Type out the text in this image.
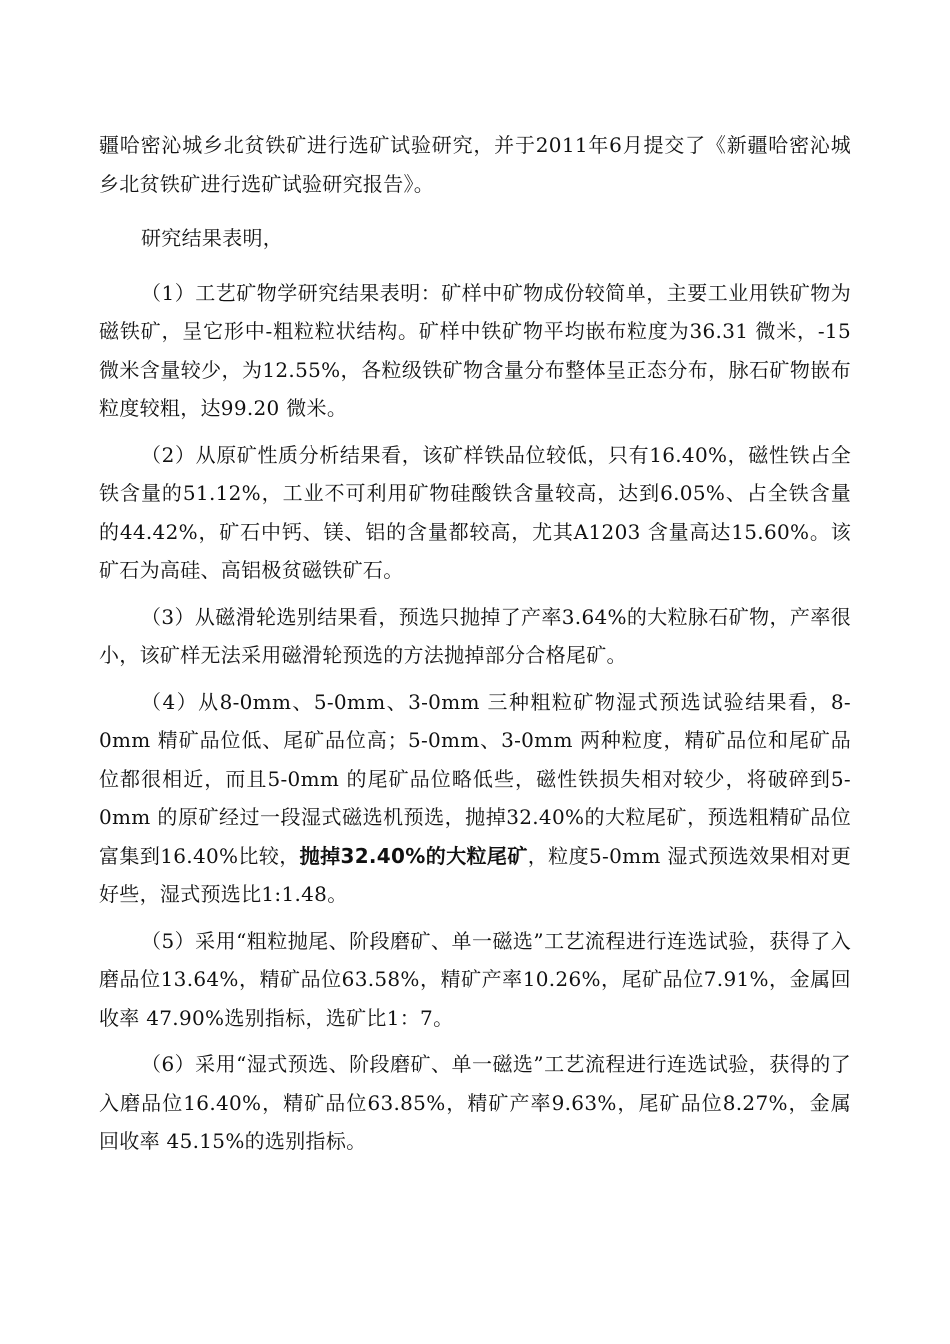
疆哈密沁城乡北贫铁矿进行选矿试验研究，并于2011年6月提交了《新疆哈密沁城乡北贫铁矿进行选矿试验研究报告》。

研究结果表明，

（1）工艺矿物学研究结果表明：矿样中矿物成份较简单，主要工业用铁矿物为磁铁矿，呈它形中-粗粒粒状结构。矿样中铁矿物平均嵌布粒度为36.31 微米，-15 微米含量较少，为12.55%，各粒级铁矿物含量分布整体呈正态分布，脉石矿物嵌布粒度较粗，达99.20 微米。

（2）从原矿性质分析结果看，该矿样铁品位较低，只有16.40%，磁性铁占全铁含量的51.12%，工业不可利用矿物硅酸铁含量较高，达到6.05%、占全铁含量的44.42%，矿石中钙、镁、铝的含量都较高，尤其A1203 含量高达15.60%。该矿石为高硅、高铝极贫磁铁矿石。

（3）从磁滑轮选别结果看，预选只抛掉了产率3.64%的大粒脉石矿物，产率很小，该矿样无法采用磁滑轮预选的方法抛掉部分合格尾矿。

（4）从8-0mm、5-0mm、3-0mm 三种粗粒矿物湿式预选试验结果看，8-0mm 精矿品位低、尾矿品位高；5-0mm、3-0mm 两种粒度，精矿品位和尾矿品位都很相近，而且5-0mm 的尾矿品位略低些，磁性铁损失相对较少，将破碎到5-0mm 的原矿经过一段湿式磁选机预选，抛掉32.40%的大粒尾矿，预选粗精矿品位富集到16.40%比较，抛掉32.40%的大粒尾矿，粒度5-0mm 湿式预选效果相对更好些，湿式预选比1:1.48。

（5）采用“粗粒抛尾、阶段磨矿、单一磁选”工艺流程进行连选试验，获得了入磨品位13.64%，精矿品位63.58%，精矿产率10.26%，尾矿品位7.91%，金属回收率 47.90%选别指标，选矿比1：7。

（6）采用“湿式预选、阶段磨矿、单一磁选”工艺流程进行连选试验，获得的了入磨品位16.40%，精矿品位63.85%，精矿产率9.63%，尾矿品位8.27%，金属回收率 45.15%的选别指标。
